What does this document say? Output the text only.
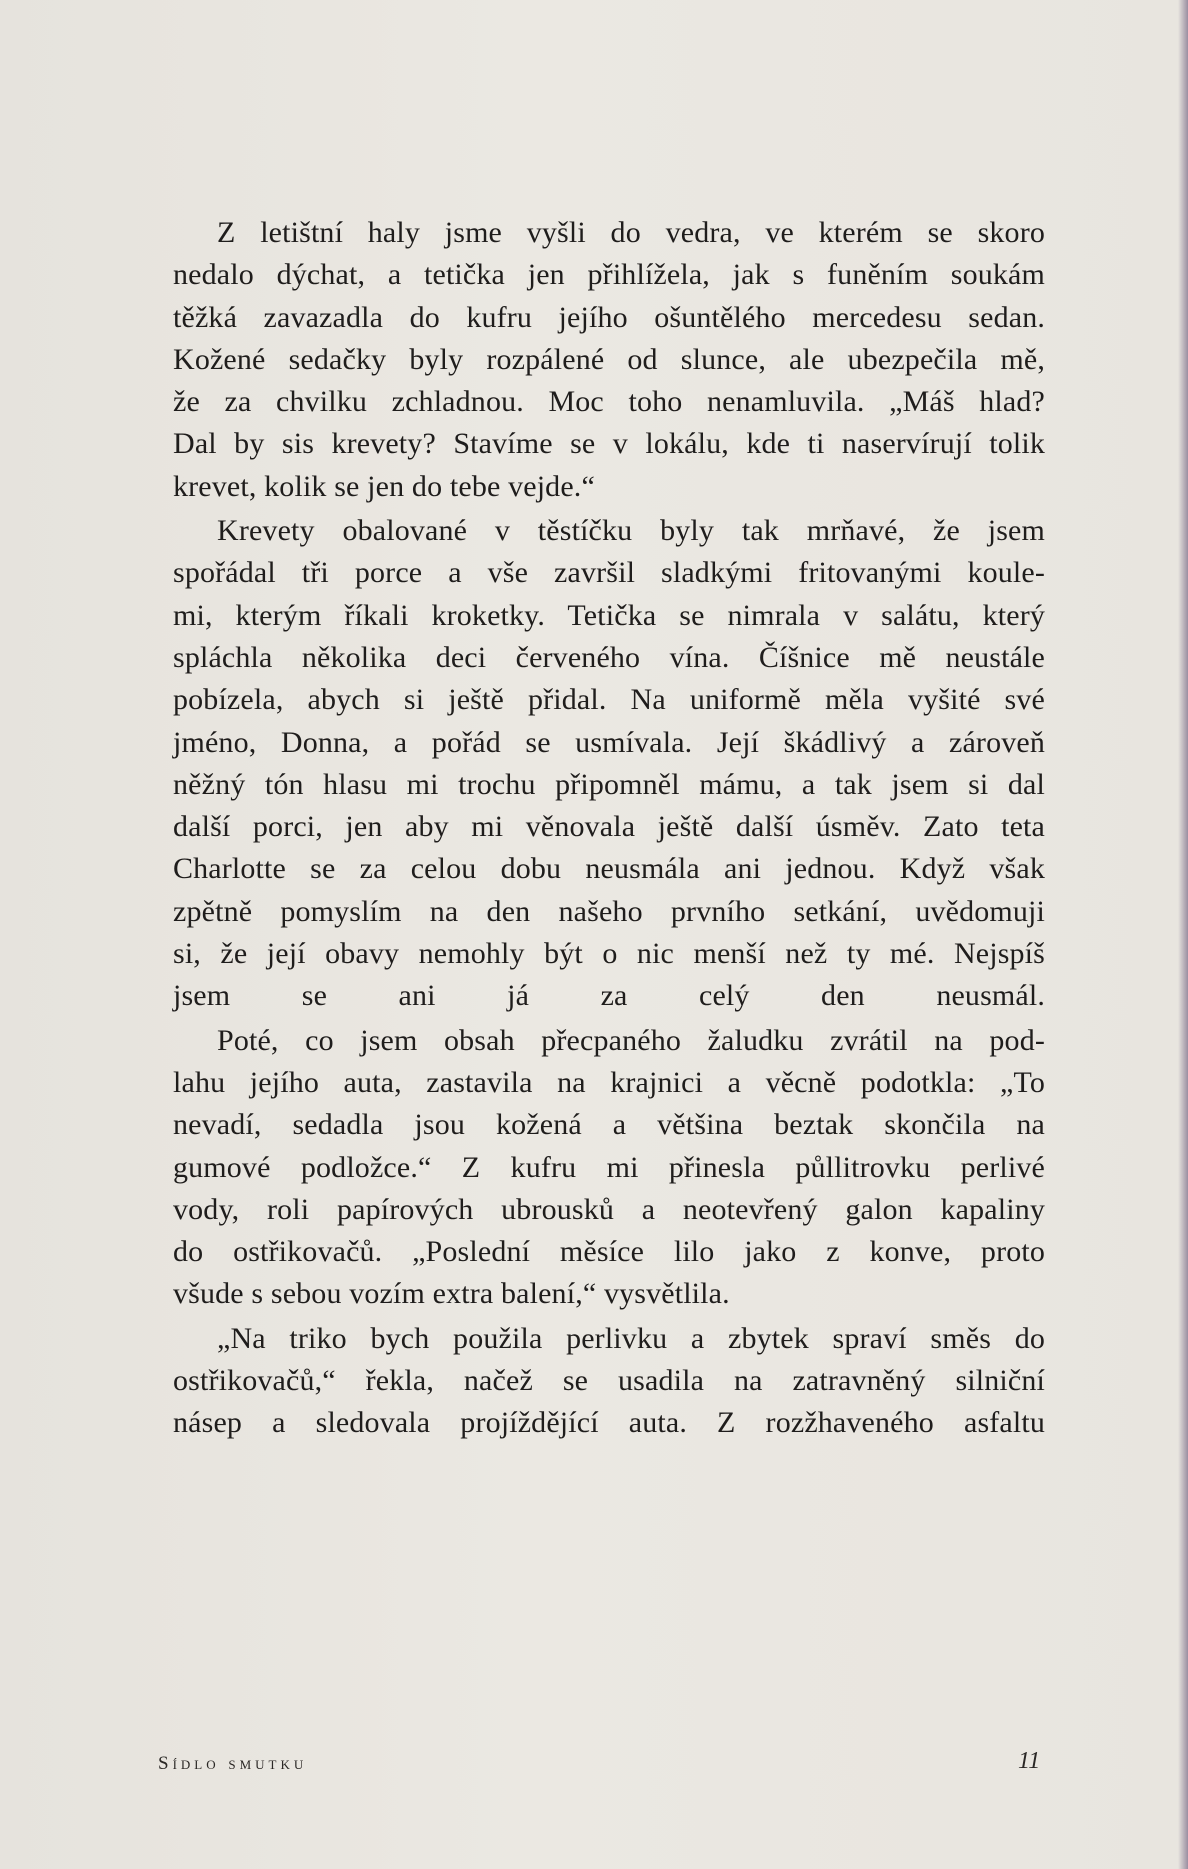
Z letištní haly jsme vyšli do vedra, ve kterém se skoro
nedalo dýchat, a tetička jen přihlížela, jak s funěním soukám
těžká zavazadla do kufru jejího ošuntělého mercedesu sedan.
Kožené sedačky byly rozpálené od slunce, ale ubezpečila mě,
že za chvilku zchladnou. Moc toho nenamluvila. „Máš hlad?
Dal by sis krevety? Stavíme se v lokálu, kde ti naservírují tolik
krevet, kolik se jen do tebe vejde.“

Krevety obalované v těstíčku byly tak mrňavé, že jsem
spořádal tři porce a vše završil sladkými fritovanými koule-
mi, kterým říkali kroketky. Tetička se nimrala v salátu, který
spláchla několika deci červeného vína. Číšnice mě neustále
pobízela, abych si ještě přidal. Na uniformě měla vyšité své
jméno, Donna, a pořád se usmívala. Její škádlivý a zároveň
něžný tón hlasu mi trochu připomněl mámu, a tak jsem si dal
další porci, jen aby mi věnovala ještě další úsměv. Zato teta
Charlotte se za celou dobu neusmála ani jednou. Když však
zpětně pomyslím na den našeho prvního setkání, uvědomuji
si, že její obavy nemohly být o nic menší než ty mé. Nejspíš
jsem se ani já za celý den neusmál.

Poté, co jsem obsah přecpaného žaludku zvrátil na pod-
lahu jejího auta, zastavila na krajnici a věcně podotkla: „To
nevadí, sedadla jsou kožená a většina beztak skončila na
gumové podložce.“ Z kufru mi přinesla půllitrovku perlivé
vody, roli papírových ubrousků a neotevřený galon kapaliny
do ostřikovačů. „Poslední měsíce lilo jako z konve, proto
všude s sebou vozím extra balení,“ vysvětlila.

„Na triko bych použila perlivku a zbytek spraví směs do
ostřikovačů,“ řekla, načež se usadila na zatravněný silniční
násep a sledovala projíždějící auta. Z rozžhaveného asfaltu

Sídlo smutku	11
